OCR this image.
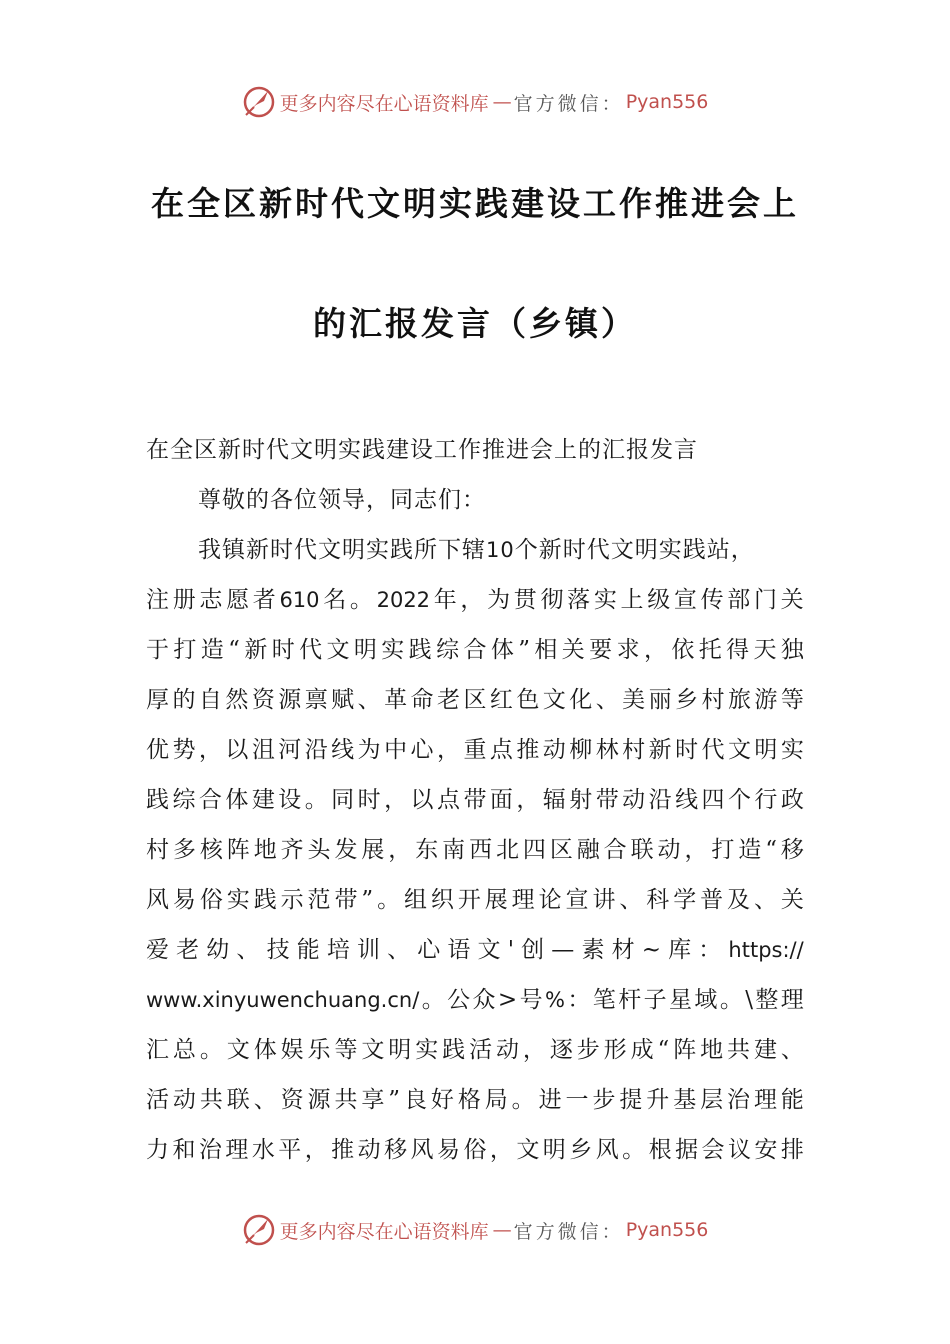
更多内容尽在心语资料库 — 官方微信： Pyan556
在全区新时代文明实践建设工作推进会上
的汇报发言（乡镇）
在全区新时代文明实践建设工作推进会上的汇报发言
尊敬的各位领导，同志们：
我镇新时代文明实践所下辖 10 个新时代文明实践站，
注 册 志 愿 者 610 名 。 2022 年 ， 为 贯 彻 落 实 上 级 宣 传 部 门 关
于 打 造 “ 新 时 代 文 明 实 践 综 合 体 ” 相 关 要 求 ， 依 托 得 天 独
厚 的 自 然 资 源 禀 赋 、 革 命 老 区 红 色 文 化 、 美 丽 乡 村 旅 游 等
优 势 ， 以 沮 河 沿 线 为 中 心 ， 重 点 推 动 柳 林 村 新 时 代 文 明 实
践 综 合 体 建 设 。 同 时 ， 以 点 带 面 ， 辐 射 带 动 沿 线 四 个 行 政
村 多 核 阵 地 齐 头 发 展 ， 东 南 西 北 四 区 融 合 联 动 ， 打 造 “ 移
风 易 俗 实 践 示 范 带 ” 。 组 织 开 展 理 论 宣 讲 、 科 学 普 及 、 关
爱 老 幼 、 技 能 培 训 、 心 语 文 ' 创 — 素 材 ~ 库 ： https://
www.xinyuwenchuang.cn/ 。 公 众 > 号 % ： 笔 杆 子 星 域 。 \ 整 理
汇 总 。 文 体 娱 乐 等 文 明 实 践 活 动 ， 逐 步 形 成 “ 阵 地 共 建 、
活 动 共 联 、 资 源 共 享 ” 良 好 格 局 。 进 一 步 提 升 基 层 治 理 能
力 和 治 理 水 平 ， 推 动 移 风 易 俗 ， 文 明 乡 风 。 根 据 会 议 安 排
更多内容尽在心语资料库 — 官方微信： Pyan556
